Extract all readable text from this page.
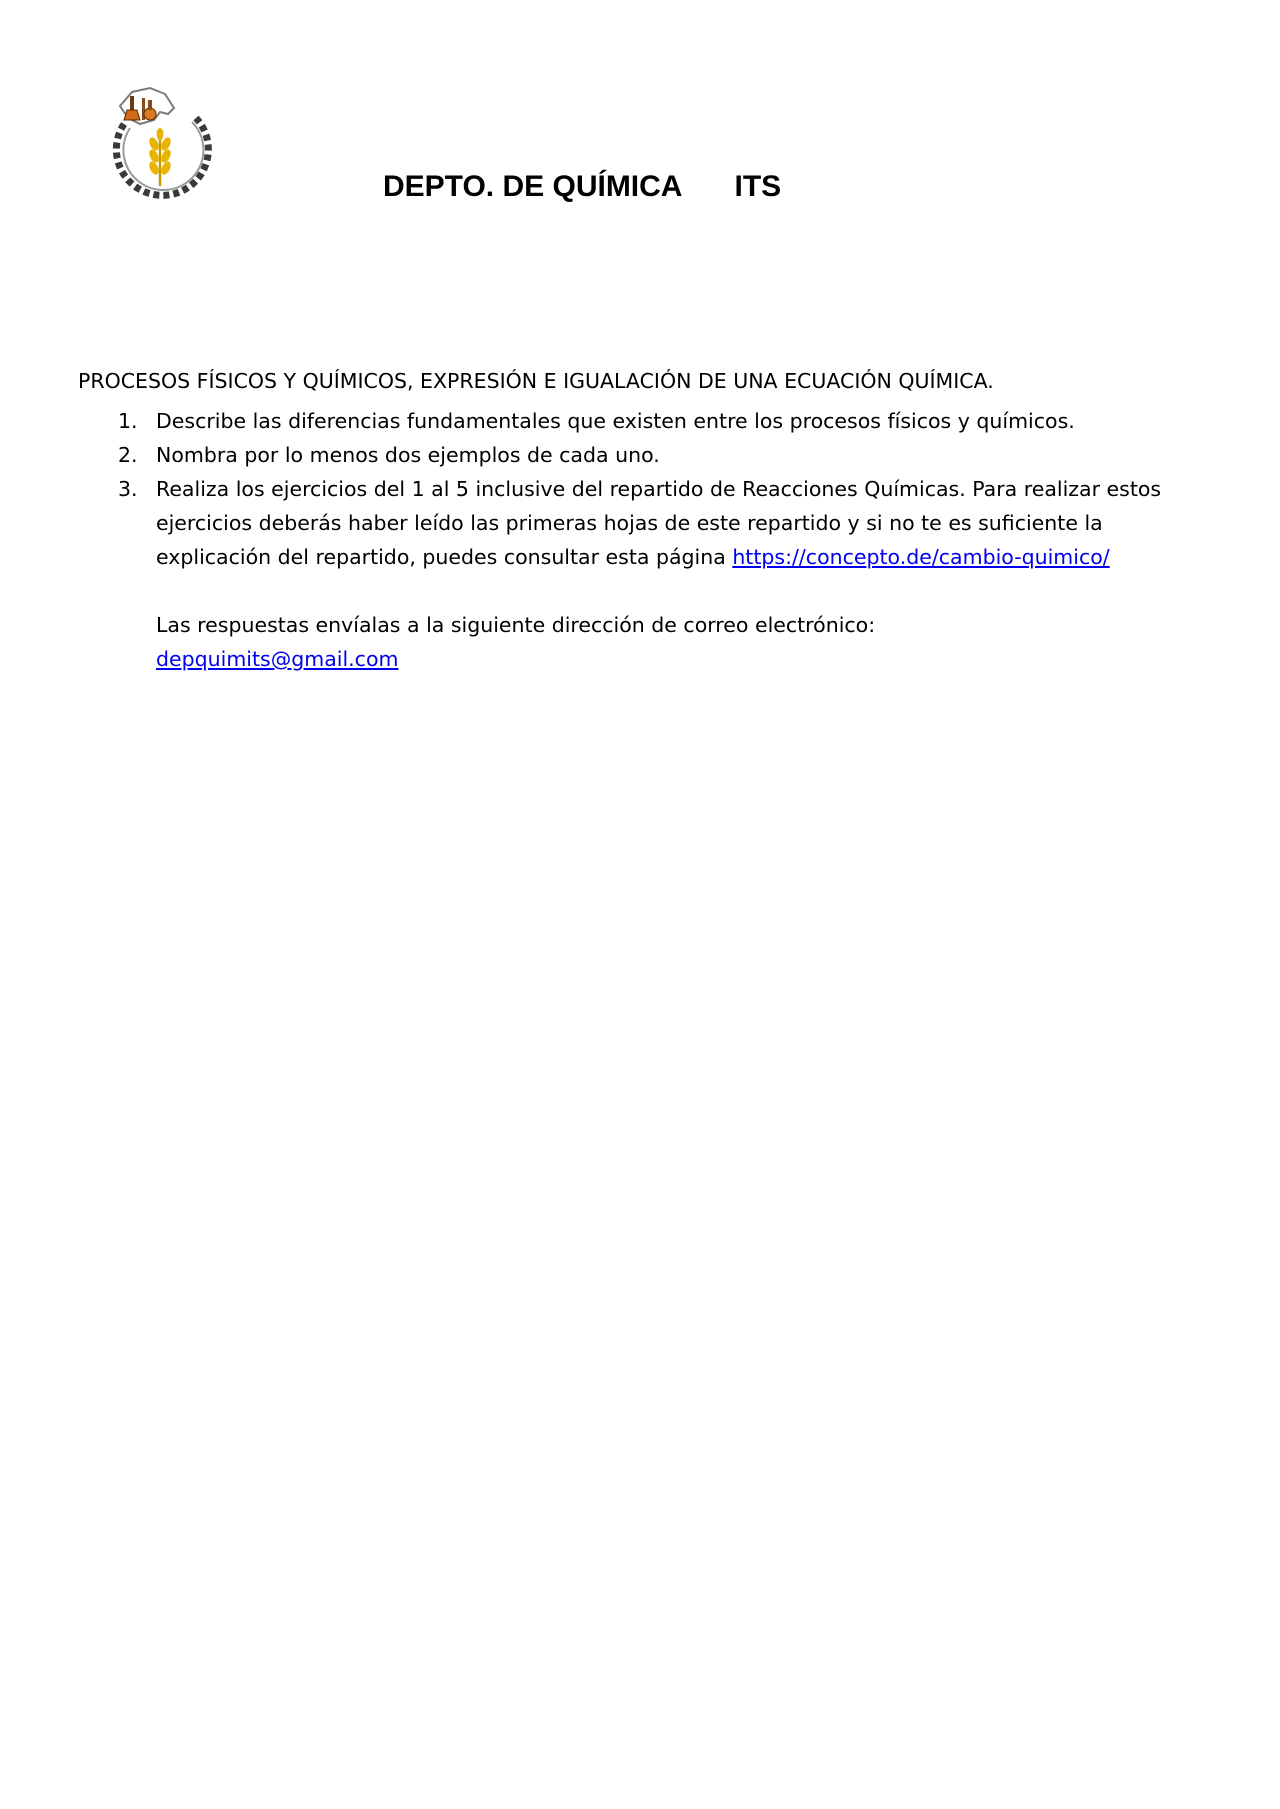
DEPTO. DE QUÍMICA ITS
PROCESOS FÍSICOS Y QUÍMICOS, EXPRESIÓN E IGUALACIÓN DE UNA ECUACIÓN QUÍMICA.
1. Describe las diferencias fundamentales que existen entre los procesos físicos y químicos.
2. Nombra por lo menos dos ejemplos de cada uno.
3. Realiza los ejercicios del 1 al 5 inclusive del repartido de Reacciones Químicas. Para realizar estos ejercicios deberás haber leído las primeras hojas de este repartido y si no te es suficiente la explicación del repartido, puedes consultar esta página https://concepto.de/cambio-quimico/
Las respuestas envíalas a la siguiente dirección de correo electrónico:
depquimits@gmail.com
